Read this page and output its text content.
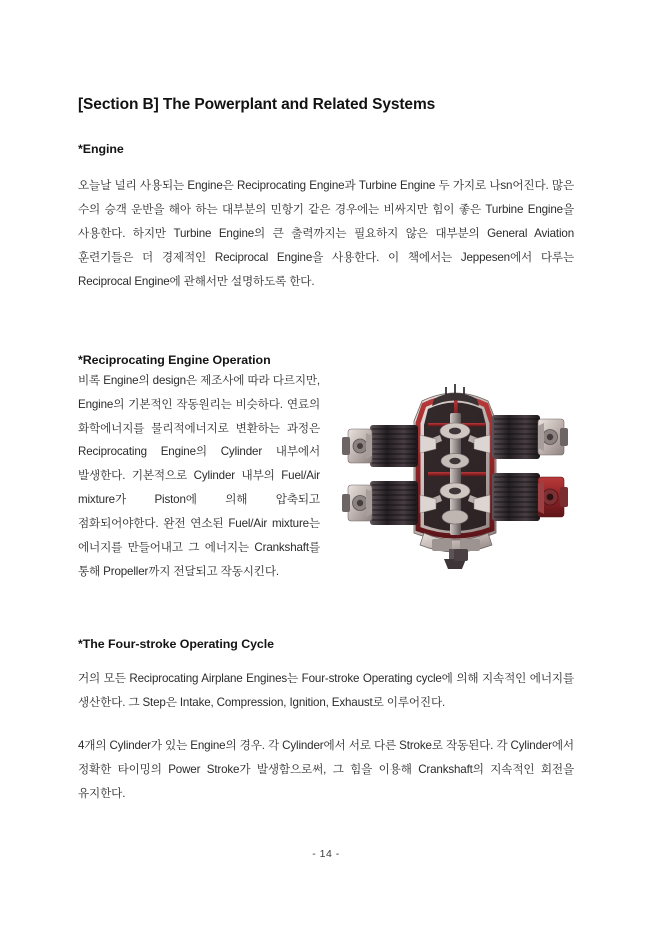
[Section B] The Powerplant and Related Systems
*Engine

오늘날 널리 사용되는 Engine은 Reciprocating Engine과 Turbine Engine 두 가지로 나sn어진다. 많은 수의 승객 운반을 해아 하는 대부분의 민항기 같은 경우에는 비싸지만 힘이 좋은 Turbine Engine을 사용한다. 하지만 Turbine Engine의 큰 출력까지는 필요하지 않은 대부분의 General Aviation 훈련기들은 더 경제적인 Reciprocal Engine을 사용한다. 이 책에서는 Jeppesen에서 다루는 Reciprocal Engine에 관해서만 설명하도록 한다.

*Reciprocating Engine Operation

비록 Engine의 design은 제조사에 따라 다르지만, Engine의 기본적인 작동원리는 비슷하다. 연료의 화학에너지를 물리적에너지로 변환하는 과정은 Reciprocating Engine의 Cylinder 내부에서 발생한다. 기본적으로 Cylinder 내부의 Fuel/Air mixture가 Piston에 의해 압축되고 점화되어야한다. 완전 연소된 Fuel/Air mixture는 에너지를 만들어내고 그 에너지는 Crankshaft를 통해 Propeller까지 전달되고 작동시킨다.

*The Four-stroke Operating Cycle

거의 모든 Reciprocating Airplane Engines는 Four-stroke Operating cycle에 의해 지속적인 에너지를 생산한다. 그 Step은 Intake, Compression, Ignition, Exhaust로 이루어진다.

4개의 Cylinder가 있는 Engine의 경우. 각 Cylinder에서 서로 다른 Stroke로 작동된다. 각 Cylinder에서 정확한 타이밍의 Power Stroke가 발생함으로써, 그 힘을 이용해 Crankshaft의 지속적인 회전을 유지한다.

- 14 -
